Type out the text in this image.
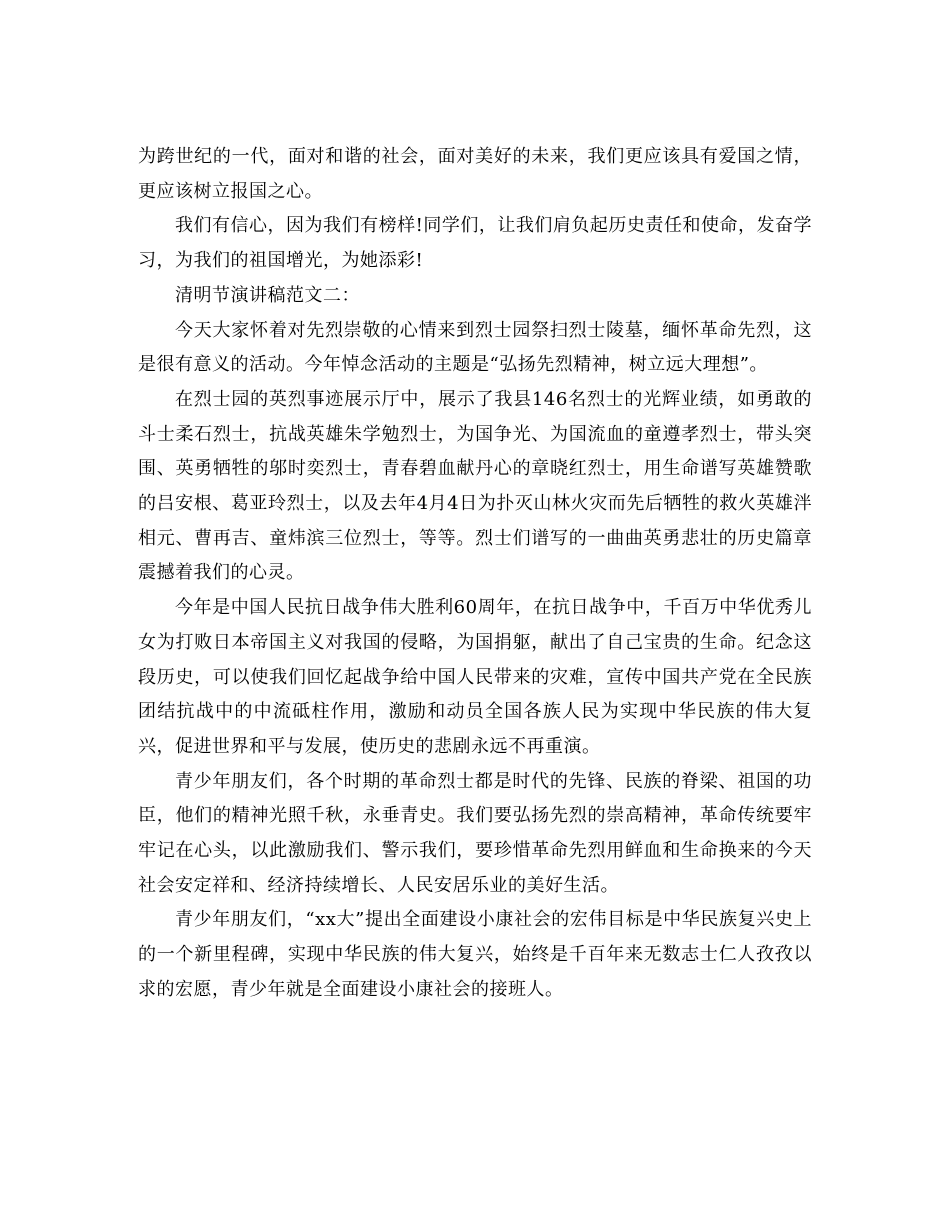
为跨世纪的一代，面对和谐的社会，面对美好的未来，我们更应该具有爱国之情，更应该树立报国之心。

我们有信心，因为我们有榜样!同学们，让我们肩负起历史责任和使命，发奋学习，为我们的祖国增光，为她添彩!

清明节演讲稿范文二：

今天大家怀着对先烈崇敬的心情来到烈士园祭扫烈士陵墓，缅怀革命先烈，这是很有意义的活动。今年悼念活动的主题是“弘扬先烈精神，树立远大理想”。

在烈士园的英烈事迹展示厅中，展示了我县146名烈士的光辉业绩，如勇敢的斗士柔石烈士，抗战英雄朱学勉烈士，为国争光、为国流血的童遵孝烈士，带头突围、英勇牺牲的邬时奕烈士，青春碧血献丹心的章晓红烈士，用生命谱写英雄赞歌的吕安根、葛亚玲烈士，以及去年4月4日为扑灭山林火灾而先后牺牲的救火英雄泮相元、曹再吉、童炜滨三位烈士，等等。烈士们谱写的一曲曲英勇悲壮的历史篇章震撼着我们的心灵。

今年是中国人民抗日战争伟大胜利60周年，在抗日战争中，千百万中华优秀儿女为打败日本帝国主义对我国的侵略，为国捐躯，献出了自己宝贵的生命。纪念这段历史，可以使我们回忆起战争给中国人民带来的灾难，宣传中国共产党在全民族团结抗战中的中流砥柱作用，激励和动员全国各族人民为实现中华民族的伟大复兴，促进世界和平与发展，使历史的悲剧永远不再重演。

青少年朋友们，各个时期的革命烈士都是时代的先锋、民族的脊梁、祖国的功臣，他们的精神光照千秋，永垂青史。我们要弘扬先烈的崇高精神，革命传统要牢牢记在心头，以此激励我们、警示我们，要珍惜革命先烈用鲜血和生命换来的今天社会安定祥和、经济持续增长、人民安居乐业的美好生活。

青少年朋友们，“xx大”提出全面建设小康社会的宏伟目标是中华民族复兴史上的一个新里程碑，实现中华民族的伟大复兴，始终是千百年来无数志士仁人孜孜以求的宏愿，青少年就是全面建设小康社会的接班人。
